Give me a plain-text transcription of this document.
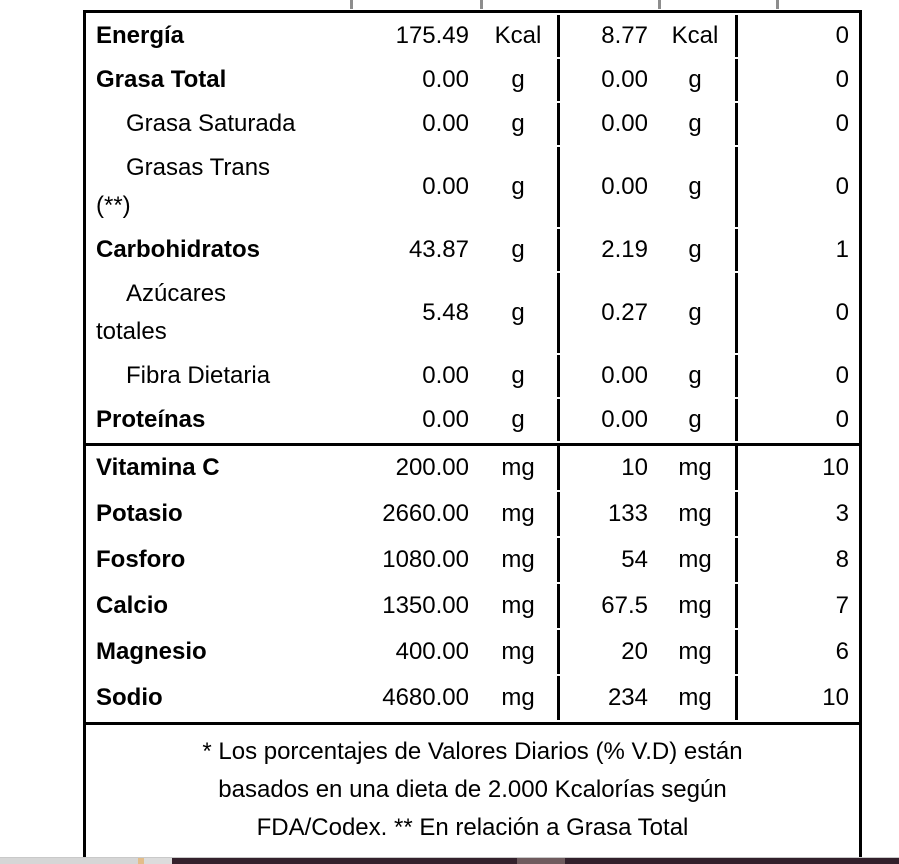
Energía	175.49	Kcal	8.77	Kcal	0

Grasa Total	0.00	g	0.00	g	0

Grasa Saturada	0.00	g	0.00	g	0

Grasas Trans
(**)	0.00	g	0.00	g	0

Carbohidratos	43.87	g	2.19	g	1

Azúcares
totales	5.48	g	0.27	g	0

Fibra Dietaria	0.00	g	0.00	g	0

Proteínas	0.00	g	0.00	g	0

Vitamina C	200.00	mg	10	mg	10

Potasio	2660.00	mg	133	mg	3

Fosforo	1080.00	mg	54	mg	8

Calcio	1350.00	mg	67.5	mg	7

Magnesio	400.00	mg	20	mg	6

Sodio	4680.00	mg	234	mg	10

* Los porcentajes de Valores Diarios (% V.D) están
basados en una dieta de 2.000 Kcalorías según
FDA/Codex. ** En relación a Grasa Total					
